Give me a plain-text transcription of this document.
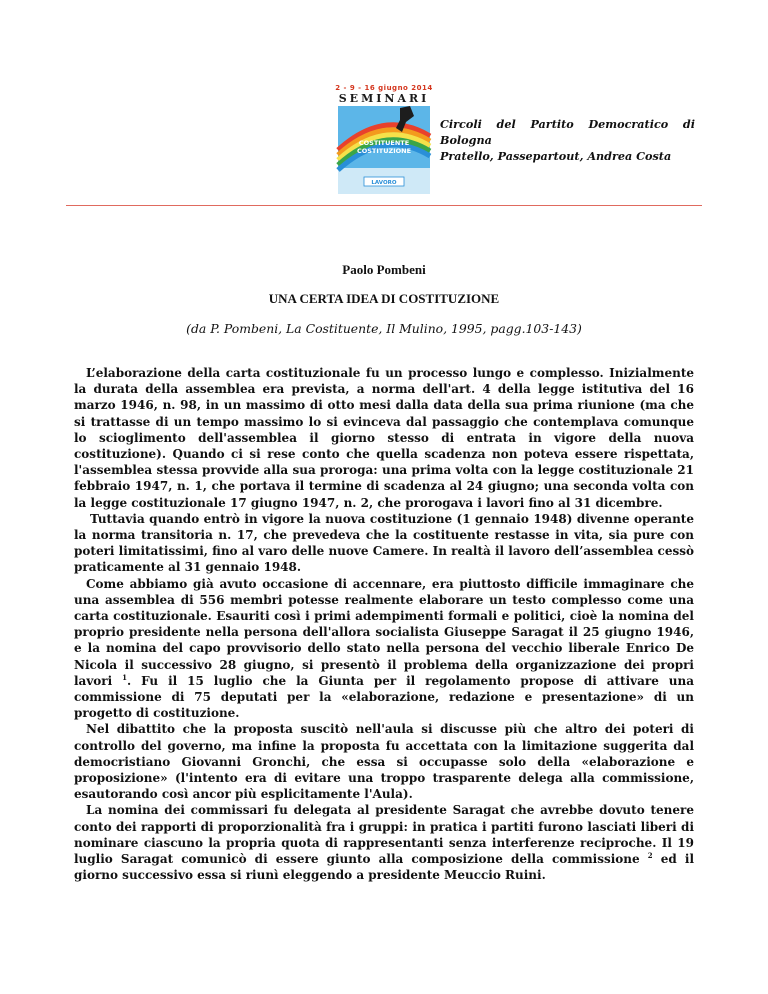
2 - 9 - 16 giugno 2014
SEMINARI
COSTITUENTE
COSTITUZIONE
LAVORO
Circoli del Partito Democratico di
Bologna
Pratello, Passepartout, Andrea Costa
Paolo Pombeni
UNA CERTA IDEA DI COSTITUZIONE
(da P. Pombeni, La Costituente, Il Mulino, 1995, pagg.103-143)

L’elaborazione della carta costituzionale fu un processo lungo e complesso. Inizialmente la durata della assemblea era prevista, a norma dell'art. 4 della legge istitutiva del 16 marzo 1946, n. 98, in un massimo di otto mesi dalla data della sua prima riunione (ma che si trattasse di un tempo massimo lo si evinceva dal passaggio che contemplava comunque lo scioglimento dell'assemblea il giorno stesso di entrata in vigore della nuova costituzione). Quando ci si rese conto che quella scadenza non poteva essere rispettata, l'assemblea stessa provvide alla sua proroga: una prima volta con la legge costituzionale 21 febbraio 1947, n. 1, che portava il termine di scadenza al 24 giugno; una seconda volta con la legge costituzionale 17 giugno 1947, n. 2, che prorogava i lavori fino al 31 dicembre.

Tuttavia quando entrò in vigore la nuova costituzione (1 gennaio 1948) divenne operante la norma transitoria n. 17, che prevedeva che la costituente restasse in vita, sia pure con poteri limitatissimi, fino al varo delle nuove Camere. In realtà il lavoro dell’assemblea cessò praticamente al 31 gennaio 1948.

Come abbiamo già avuto occasione di accennare, era piuttosto difficile immaginare che una assemblea di 556 membri potesse realmente elaborare un testo complesso come una carta costituzionale. Esauriti così i primi adempimenti formali e politici, cioè la nomina del proprio presidente nella persona dell'allora socialista Giuseppe Saragat il 25 giugno 1946, e la nomina del capo provvisorio dello stato nella persona del vecchio liberale Enrico De Nicola il successivo 28 giugno, si presentò il problema della organizzazione dei propri lavori $^1$. Fu il 15 luglio che la Giunta per il regolamento propose di attivare una commissione di 75 deputati per la «elaborazione, redazione e presentazione» di un progetto di costituzione.

Nel dibattito che la proposta suscitò nell'aula si discusse più che altro dei poteri di controllo del governo, ma infine la proposta fu accettata con la limitazione suggerita dal democristiano Giovanni Gronchi, che essa si occupasse solo della «elaborazione e proposizione» (l'intento era di evitare una troppo trasparente delega alla commissione, esautorando così ancor più esplicitamente l'Aula).

La nomina dei commissari fu delegata al presidente Saragat che avrebbe dovuto tenere conto dei rapporti di proporzionalità fra i gruppi: in pratica i partiti furono lasciati liberi di nominare ciascuno la propria quota di rappresentanti senza interferenze reciproche. Il 19 luglio Saragat comunicò di essere giunto alla composizione della commissione $^2$ ed il giorno successivo essa si riunì eleggendo a presidente Meuccio Ruini.
